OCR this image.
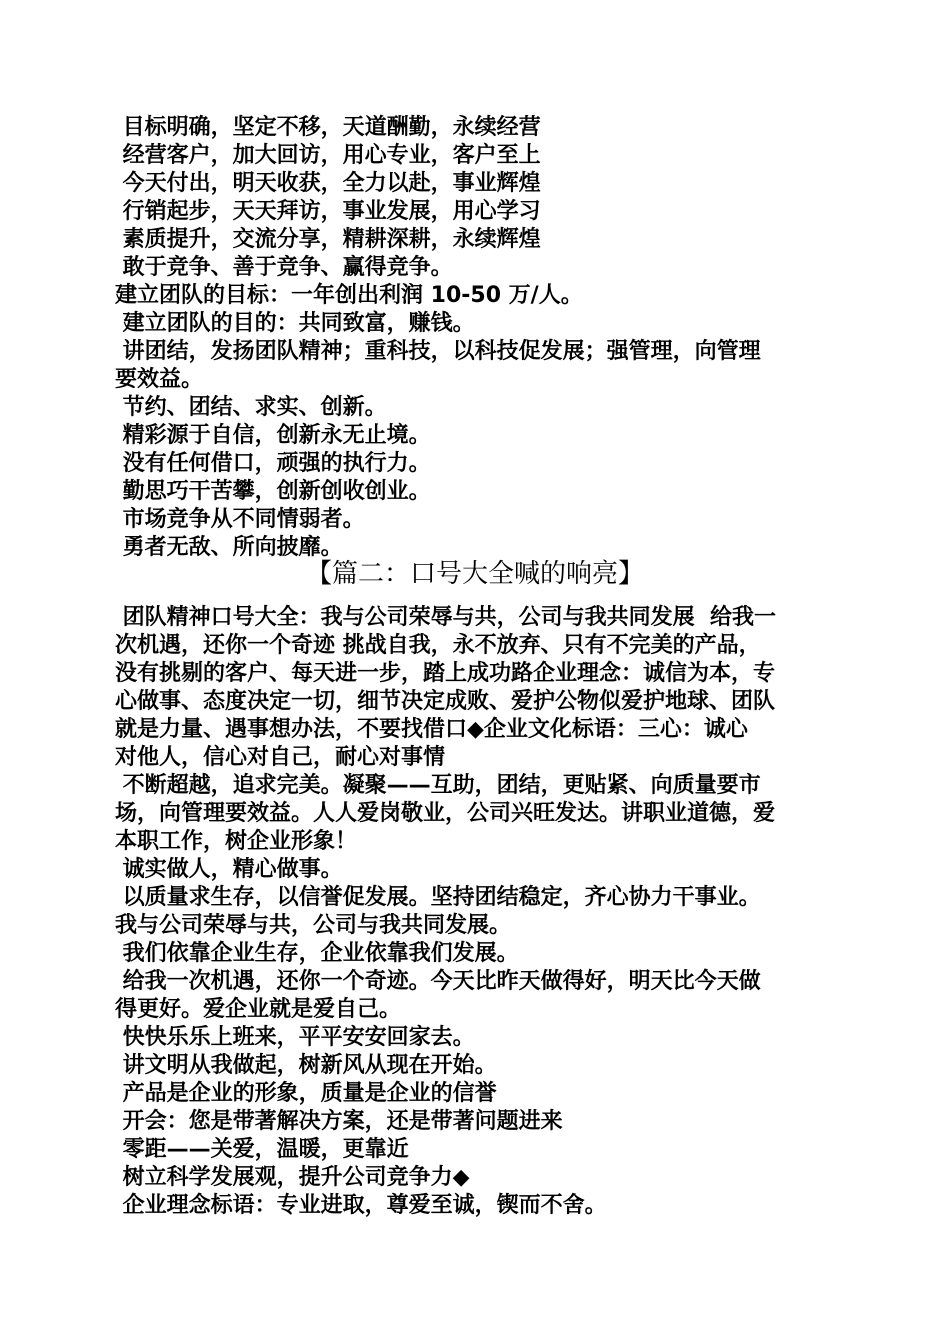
目标明确，坚定不移，天道酬勤，永续经营
经营客户，加大回访，用心专业，客户至上
今天付出，明天收获，全力以赴，事业辉煌
行销起步，天天拜访，事业发展，用心学习
素质提升，交流分享，精耕深耕，永续辉煌
敢于竞争、善于竞争、赢得竞争。
建立团队的目标：一年创出利润 10-50 万/人。
建立团队的目的：共同致富，赚钱。
讲团结，发扬团队精神；重科技，以科技促发展；强管理，向管理
要效益。
节约、团结、求实、创新。
精彩源于自信，创新永无止境。
没有任何借口，顽强的执行力。
勤思巧干苦攀，创新创收创业。
市场竞争从不同情弱者。
勇者无敌、所向披靡。
【篇二：口号大全喊的响亮】
团队精神口号大全：我与公司荣辱与共，公司与我共同发展  给我一
次机遇，还你一个奇迹 挑战自我，永不放弃、只有不完美的产品，
没有挑剔的客户、每天进一步，踏上成功路企业理念：诚信为本，专
心做事、态度决定一切，细节决定成败、爱护公物似爱护地球、团队
就是力量、遇事想办法，不要找借口◆企业文化标语：三心：诚心
对他人，信心对自己，耐心对事情
不断超越，追求完美。凝聚——互助，团结，更贴紧、向质量要市
场，向管理要效益。人人爱岗敬业，公司兴旺发达。讲职业道德，爱
本职工作，树企业形象！
诚实做人，精心做事。
以质量求生存，以信誉促发展。坚持团结稳定，齐心协力干事业。
我与公司荣辱与共，公司与我共同发展。
我们依靠企业生存，企业依靠我们发展。
给我一次机遇，还你一个奇迹。今天比昨天做得好，明天比今天做
得更好。爱企业就是爱自己。
快快乐乐上班来，平平安安回家去。
讲文明从我做起，树新风从现在开始。
产品是企业的形象，质量是企业的信誉
开会：您是带著解决方案，还是带著问题进来
零距——关爱，温暖，更靠近
树立科学发展观，提升公司竞争力◆
企业理念标语：专业进取，尊爱至诚，锲而不舍。
